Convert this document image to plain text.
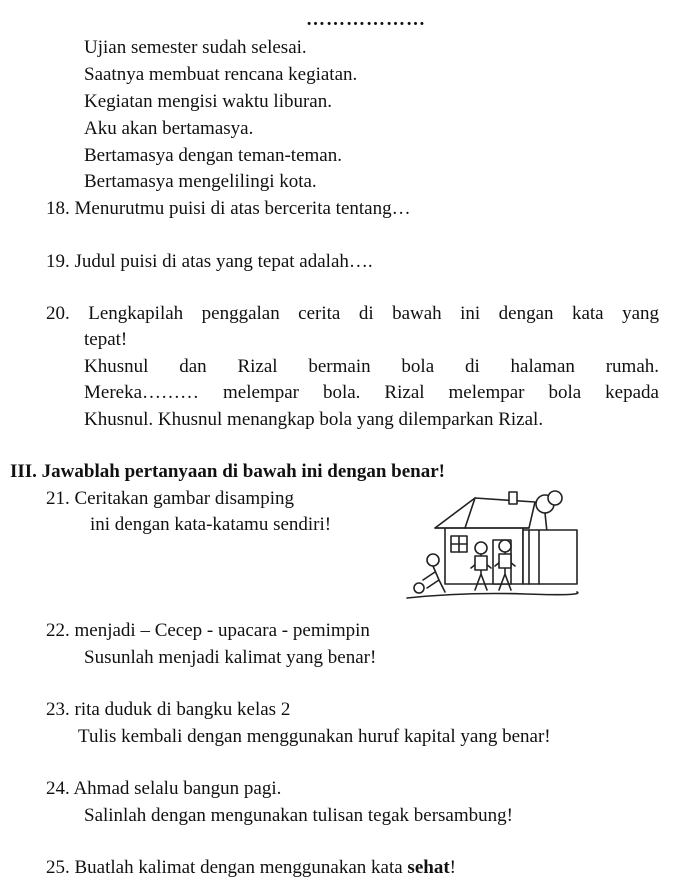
………………
Ujian semester sudah selesai.
Saatnya membuat rencana kegiatan.
Kegiatan mengisi waktu liburan.
Aku akan bertamasya.
Bertamasya dengan teman-teman.
Bertamasya mengelilingi kota.
18. Menurutmu puisi di atas bercerita tentang…
19. Judul puisi di atas yang tepat adalah….
20. Lengkapilah penggalan cerita di bawah ini dengan kata yang
tepat!
Khusnul dan Rizal bermain bola di halaman rumah.
Mereka……… melempar bola. Rizal melempar bola kepada
Khusnul. Khusnul menangkap bola yang dilemparkan Rizal.
III. Jawablah pertanyaan di bawah ini dengan benar!
21. Ceritakan gambar disamping
ini dengan kata-katamu sendiri!
22. menjadi – Cecep - upacara - pemimpin
Susunlah menjadi kalimat yang benar!
23. rita duduk di bangku kelas 2
Tulis kembali dengan menggunakan huruf kapital yang benar!
24. Ahmad selalu bangun pagi.
Salinlah dengan mengunakan tulisan tegak bersambung!
25. Buatlah kalimat dengan menggunakan kata sehat!
